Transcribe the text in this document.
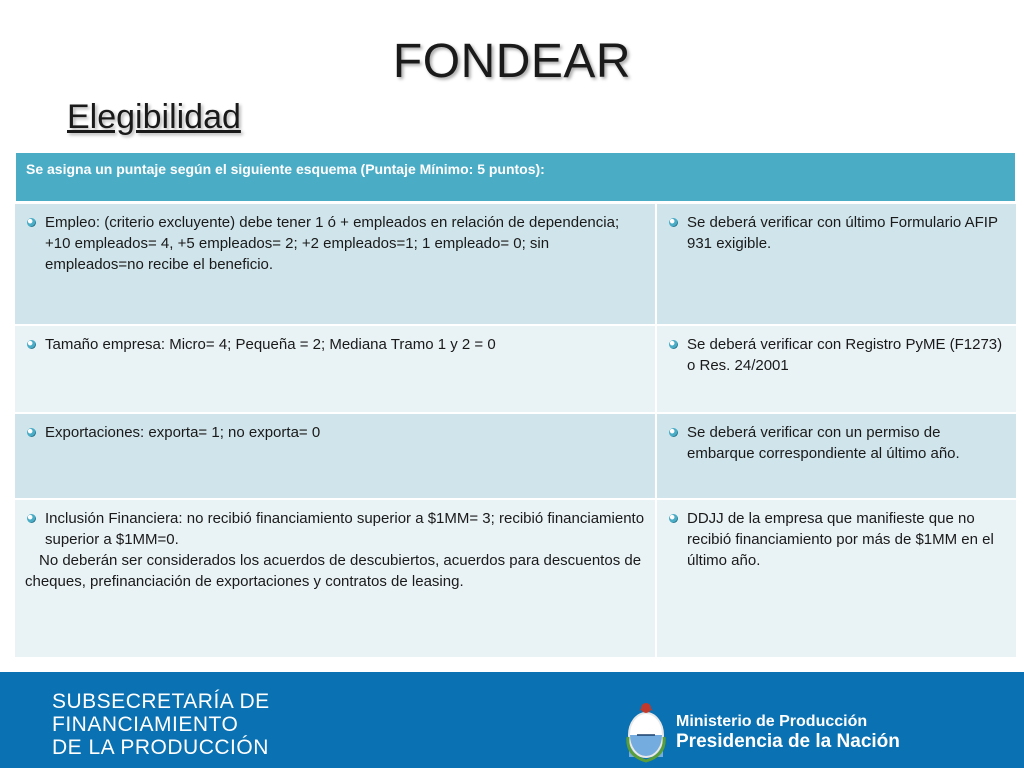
FONDEAR
Elegibilidad
Se asigna un puntaje según el siguiente esquema (Puntaje Mínimo: 5 puntos):
Empleo: (criterio excluyente) debe tener 1 ó + empleados en relación de dependencia; +10 empleados= 4, +5 empleados= 2; +2 empleados=1; 1 empleado= 0; sin empleados=no recibe el beneficio.
Se deberá verificar con último Formulario AFIP 931 exigible.
Tamaño empresa: Micro= 4; Pequeña = 2; Mediana Tramo 1 y 2 = 0	Se deberá verificar con Registro PyME (F1273) o Res. 24/2001
Exportaciones: exporta= 1; no exporta= 0	Se deberá verificar con un permiso de embarque correspondiente al último año.
Inclusión Financiera: no recibió financiamiento superior a $1MM= 3; recibió financiamiento superior a $1MM=0.
No deberán ser considerados los acuerdos de descubiertos, acuerdos para descuentos de cheques, prefinanciación de exportaciones y contratos de leasing.
DDJJ de la empresa que manifieste que no recibió financiamiento por más de $1MM en el último año.
SUBSECRETARÍA DE
FINANCIAMIENTO
DE LA PRODUCCIÓN
Ministerio de Producción
Presidencia de la Nación
